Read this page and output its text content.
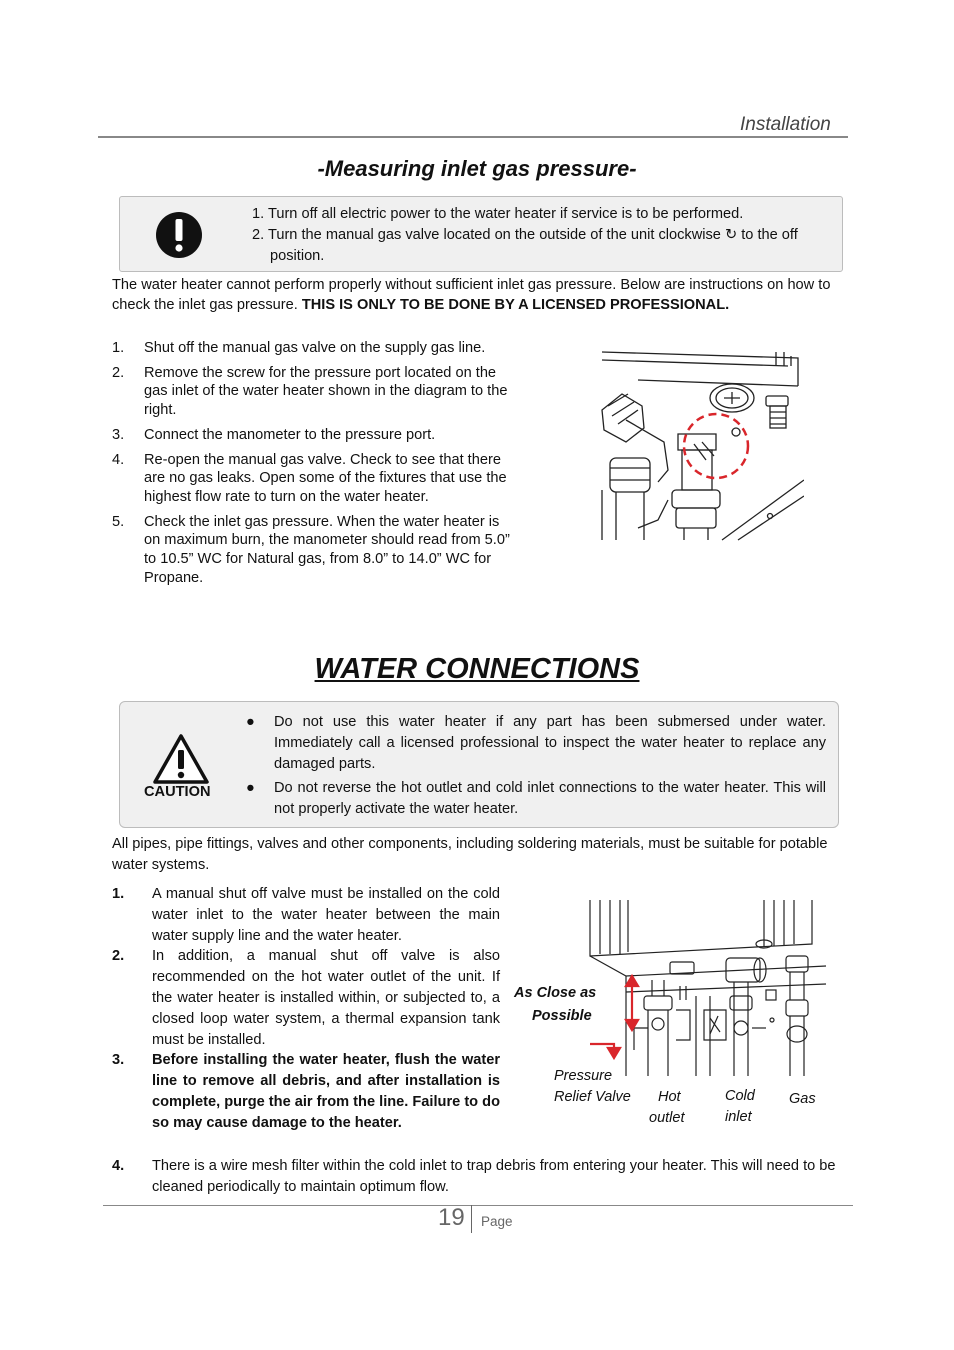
Installation
-Measuring inlet gas pressure-
1. Turn off all electric power to the water heater if service is to be performed.
2. Turn the manual gas valve located on the outside of the unit clockwise ↻ to the off position.
The water heater cannot perform properly without sufficient inlet gas pressure. Below are instructions on how to check the inlet gas pressure. THIS IS ONLY TO BE DONE BY A LICENSED PROFESSIONAL.
1. Shut off the manual gas valve on the supply gas line.
2. Remove the screw for the pressure port located on the gas inlet of the water heater shown in the diagram to the right.
3. Connect the manometer to the pressure port.
4. Re-open the manual gas valve. Check to see that there are no gas leaks. Open some of the fixtures that use the highest flow rate to turn on the water heater.
5. Check the inlet gas pressure. When the water heater is on maximum burn, the manometer should read from 5.0” to 10.5” WC for Natural gas, from 8.0” to 14.0” WC for Propane.
WATER CONNECTIONS
CAUTION
● Do not use this water heater if any part has been submersed under water. Immediately call a licensed professional to inspect the water heater to replace any damaged parts.
● Do not reverse the hot outlet and cold inlet connections to the water heater. This will not properly activate the water heater.
All pipes, pipe fittings, valves and other components, including soldering materials, must be suitable for potable water systems.
1. A manual shut off valve must be installed on the cold water inlet to the water heater between the main water supply line and the water heater.
2. In addition, a manual shut off valve is also recommended on the hot water outlet of the unit. If the water heater is installed within, or subjected to, a closed loop water system, a thermal expansion tank must be installed.
3. Before installing the water heater, flush the water line to remove all debris, and after installation is complete, purge the air from the line. Failure to do so may cause damage to the heater.
4. There is a wire mesh filter within the cold inlet to trap debris from entering your heater. This will need to be cleaned periodically to maintain optimum flow.
As Close as
Possible
Pressure
Relief Valve Hot
outlet
Cold
inlet
Gas
19 Page
